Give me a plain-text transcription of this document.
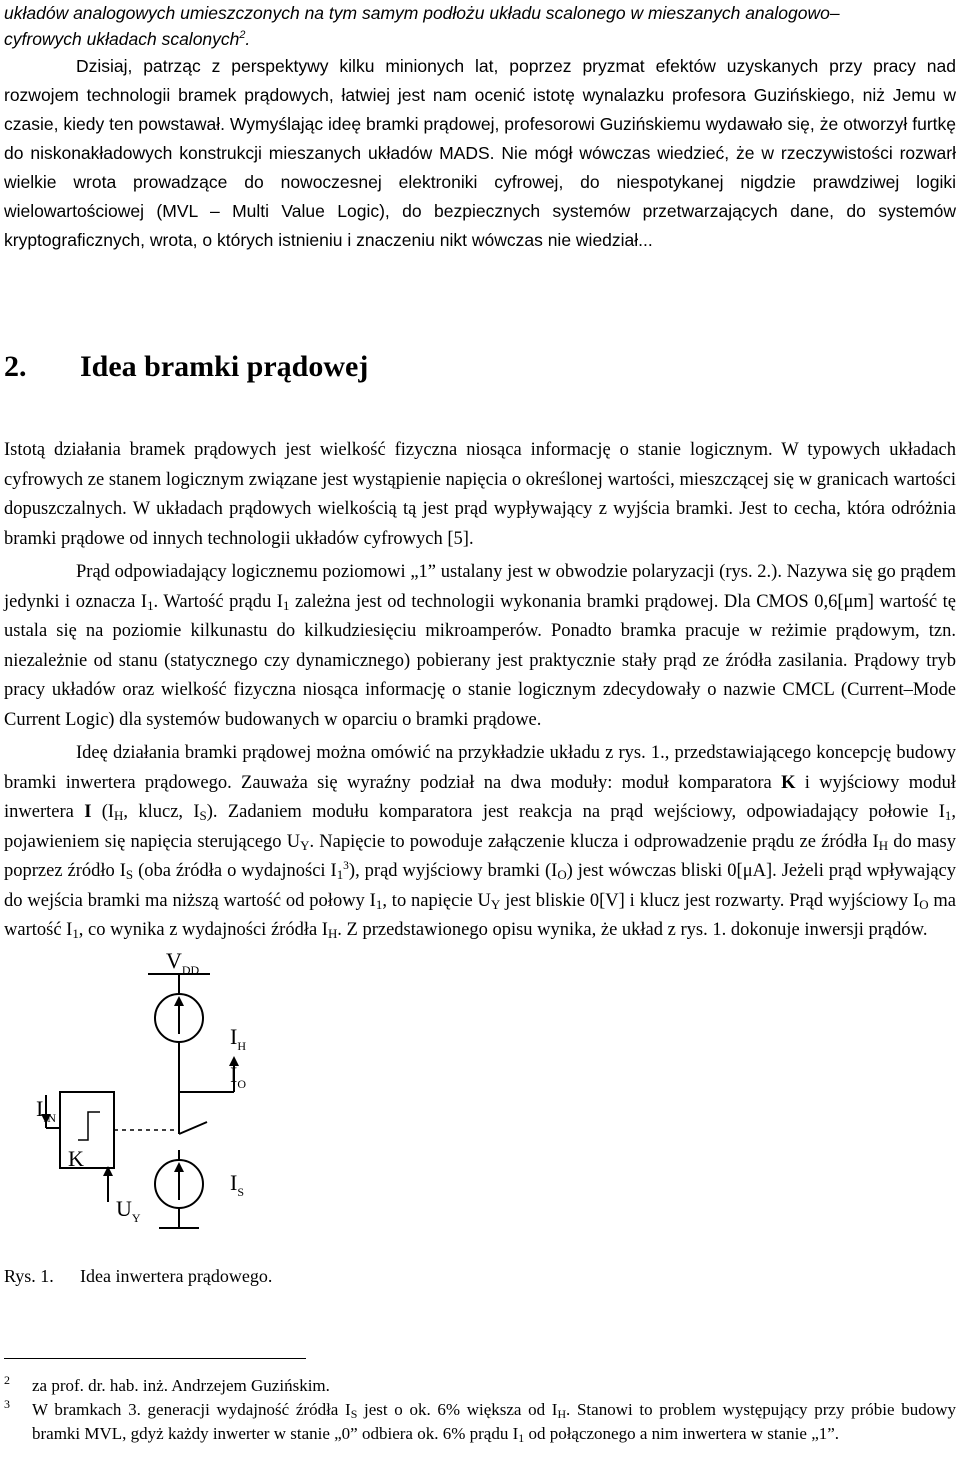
układów analogowych umieszczonych na tym samym podłożu układu scalonego w mieszanych analogowo–

cyfrowych układach scalonych$^2$.

Dzisiaj, patrząc z perspektywy kilku minionych lat, poprzez pryzmat efektów uzyskanych przy pracy nad rozwojem technologii bramek prądowych, łatwiej jest nam ocenić istotę wynalazku profesora Guzińskiego, niż Jemu w czasie, kiedy ten powstawał. Wymyślając ideę bramki prądowej, profesorowi Guzińskiemu wydawało się, że otworzył furtkę do niskonakładowych konstrukcji mieszanych układów MADS. Nie mógł wówczas wiedzieć, że w rzeczywistości rozwarł wielkie wrota prowadzące do nowoczesnej elektroniki cyfrowej, do niespotykanej nigdzie prawdziwej logiki wielowartościowej (MVL – Multi Value Logic), do bezpiecznych systemów przetwarzających dane, do systemów kryptograficznych, wrota, o których istnieniu i znaczeniu nikt wówczas nie wiedział...

2. Idea bramki prądowej

Istotą działania bramek prądowych jest wielkość fizyczna niosąca informację o stanie logicznym. W typowych układach cyfrowych ze stanem logicznym związane jest wystąpienie napięcia o określonej wartości, mieszczącej się w granicach wartości dopuszczalnych. W układach prądowych wielkością tą jest prąd wypływający z wyjścia bramki. Jest to cecha, która odróżnia bramki prądowe od innych technologii układów cyfrowych [5].

Prąd odpowiadający logicznemu poziomowi „1” ustalany jest w obwodzie polaryzacji (rys. 2.). Nazywa się go prądem jedynki i oznacza $I_1$. Wartość prądu $I_1$ zależna jest od technologii wykonania bramki prądowej. Dla CMOS 0,6[μm] wartość tę ustala się na poziomie kilkunastu do kilkudziesięciu mikroamperów. Ponadto bramka pracuje w reżimie prądowym, tzn. niezależnie od stanu (statycznego czy dynamicznego) pobierany jest praktycznie stały prąd ze źródła zasilania. Prądowy tryb pracy układów oraz wielkość fizyczna niosąca informację o stanie logicznym zdecydowały o nazwie CMCL (Current–Mode Current Logic) dla systemów budowanych w oparciu o bramki prądowe.

Ideę działania bramki prądowej można omówić na przykładzie układu z rys. 1., przedstawiającego koncepcję budowy bramki inwertera prądowego. Zauważa się wyraźny podział na dwa moduły: moduł komparatora K i wyjściowy moduł inwertera I ($I_H$, klucz, $I_S$). Zadaniem modułu komparatora jest reakcja na prąd wejściowy, odpowiadający połowie $I_1$, pojawieniem się napięcia sterującego $U_Y$. Napięcie to powoduje załączenie klucza i odprowadzenie prądu ze źródła $I_H$ do masy poprzez źródło $I_S$ (oba źródła o wydajności $I_1^3$), prąd wyjściowy bramki $(I_O)$ jest wówczas bliski 0[μA]. Jeżeli prąd wpływający do wejścia bramki ma niższą wartość od połowy $I_1$, to napięcie $U_Y$ jest bliskie 0[V] i klucz jest rozwarty. Prąd wyjściowy $I_O$ ma wartość $I_1$, co wynika z wydajności źródła $I_H$. Z przedstawionego opisu wynika, że układ z rys. 1. dokonuje inwersji prądów.

$V_{DD}$
$I_H$
$I_O$
$I_{IN}$
K
$I_S$
$U_Y$
Rys. 1. Idea inwertera prądowego.
2 za prof. dr. hab. inż. Andrzejem Guzińskim.
3 W bramkach 3. generacji wydajność źródła $I_S$ jest o ok. 6% większa od $I_H$. Stanowi to problem występujący przy próbie budowy bramki MVL, gdyż każdy inwerter w stanie „0” odbiera ok. 6% prądu $I_1$ od połączonego a nim inwertera w stanie „1”.
